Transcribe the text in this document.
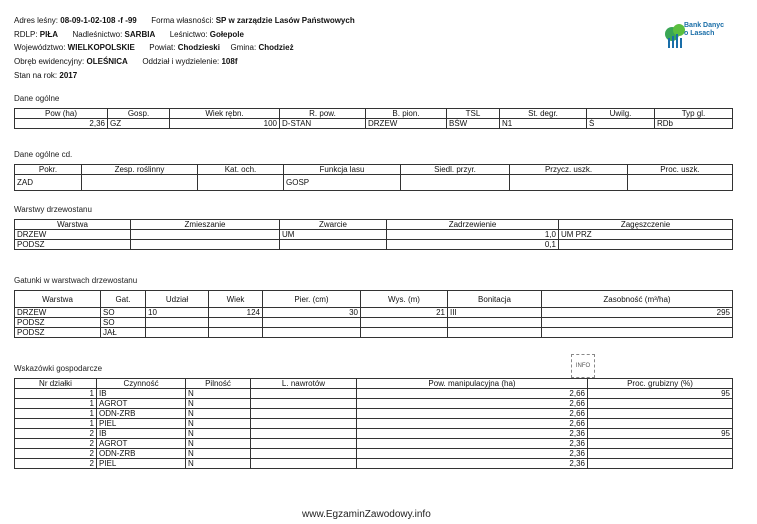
Adres leśny: 08-09-1-02-108 -f -99 Forma własności: SP w zarządzie Lasów Państwowych
RDLP: PIŁA Nadleśnictwo: SARBIA Leśnictwo: Gołepole
Województwo: WIELKOPOLSKIE Powiat: Chodzieski Gmina: Chodzież
Obręb ewidencyjny: OLEŚNICA Oddział i wydzielenie: 108f
Stan na rok: 2017
Bank Danyc
o Lasach
Dane ogólne
Pow (ha)	Gosp.	Wiek rębn.	R. pow.	B. pion.	TSL	St. degr.	Uwilg.	Typ gl.
2,36	GZ	100	D-STAN	DRZEW	BŚW	N1	Ś	RDb
Dane ogólne cd.
Pokr.	Zesp. roślinny	Kat. och.	Funkcja lasu	Siedl. przyr.	Przycz. uszk.	Proc. uszk.
ZAD			GOSP			
Warstwy drzewostanu
Warstwa	Zmieszanie	Zwarcie	Zadrzewienie	Zagęszczenie
DRZEW		UM	1,0	UM PRZ
PODSZ			0,1	
Gatunki w warstwach drzewostanu
Warstwa	Gat.	Udział	Wiek	Pier. (cm)	Wys. (m)	Bonitacja	Zasobność (m³/ha)
DRZEW	SO	10	124	30	21	III	295
PODSZ	SO						
PODSZ	JAŁ						
INFO
Wskazówki gospodarcze
Nr działki	Czynność	Pilność	L. nawrotów	Pow. manipulacyjna (ha)	Proc. grubizny (%)
1	IB	N		2,66	95
1	AGROT	N		2,66	
1	ODN-ZRB	N		2,66	
1	PIEL	N		2,66	
2	IB	N		2,36	95
2	AGROT	N		2,36	
2	ODN-ZRB	N		2,36	
2	PIEL	N		2,36	
www.EgzaminZawodowy.info
